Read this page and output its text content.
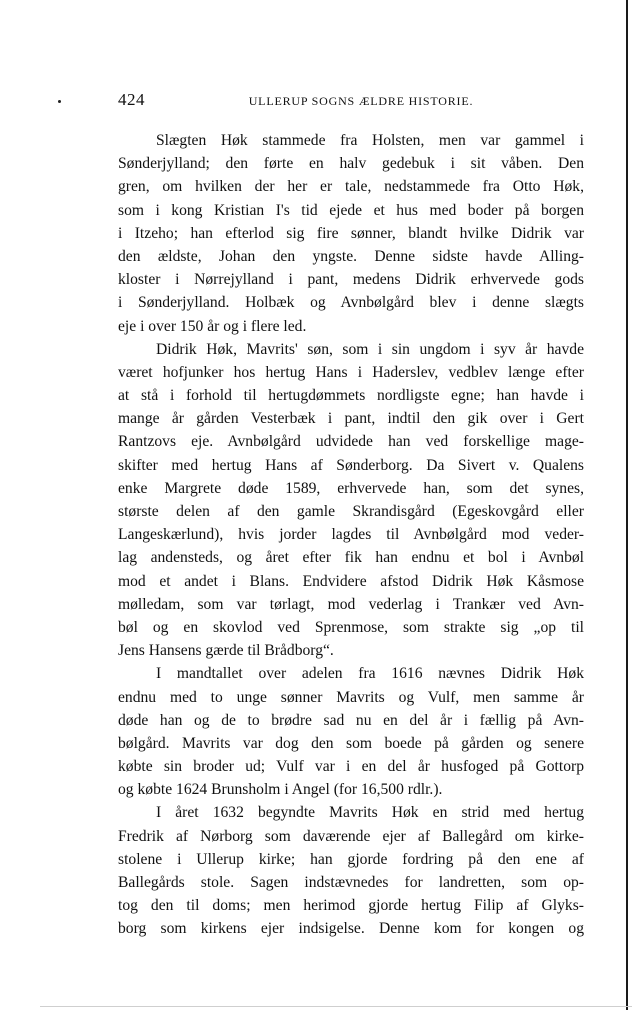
424	ULLERUP SOGNS ÆLDRE HISTORIE.
Slægten Høk stammede fra Holsten, men var gammel i
Sønderjylland; den førte en halv gedebuk i sit våben. Den
gren, om hvilken der her er tale, nedstammede fra Otto Høk,
som i kong Kristian I's tid ejede et hus med boder på borgen
i Itzeho; han efterlod sig fire sønner, blandt hvilke Didrik var
den ældste, Johan den yngste. Denne sidste havde Alling-
kloster i Nørrejylland i pant, medens Didrik erhvervede gods
i Sønderjylland. Holbæk og Avnbølgård blev i denne slægts
eje i over 150 år og i flere led.
Didrik Høk, Mavrits' søn, som i sin ungdom i syv år havde
været hofjunker hos hertug Hans i Haderslev, vedblev længe efter
at stå i forhold til hertugdømmets nordligste egne; han havde i
mange år gården Vesterbæk i pant, indtil den gik over i Gert
Rantzovs eje. Avnbølgård udvidede han ved forskellige mage-
skifter med hertug Hans af Sønderborg. Da Sivert v. Qualens
enke Margrete døde 1589, erhvervede han, som det synes,
største delen af den gamle Skrandisgård (Egeskovgård eller
Langeskærlund), hvis jorder lagdes til Avnbølgård mod veder-
lag andensteds, og året efter fik han endnu et bol i Avnbøl
mod et andet i Blans. Endvidere afstod Didrik Høk Kåsmose
mølledam, som var tørlagt, mod vederlag i Trankær ved Avn-
bøl og en skovlod ved Sprenmose, som strakte sig „op til
Jens Hansens gærde til Brådborg“.
I mandtallet over adelen fra 1616 nævnes Didrik Høk
endnu med to unge sønner Mavrits og Vulf, men samme år
døde han og de to brødre sad nu en del år i fællig på Avn-
bølgård. Mavrits var dog den som boede på gården og senere
købte sin broder ud; Vulf var i en del år husfoged på Gottorp
og købte 1624 Brunsholm i Angel (for 16,500 rdlr.).
I året 1632 begyndte Mavrits Høk en strid med hertug
Fredrik af Nørborg som daværende ejer af Ballegård om kirke-
stolene i Ullerup kirke; han gjorde fordring på den ene af
Ballegårds stole. Sagen indstævnedes for landretten, som op-
tog den til doms; men herimod gjorde hertug Filip af Glyks-
borg som kirkens ejer indsigelse. Denne kom for kongen og
